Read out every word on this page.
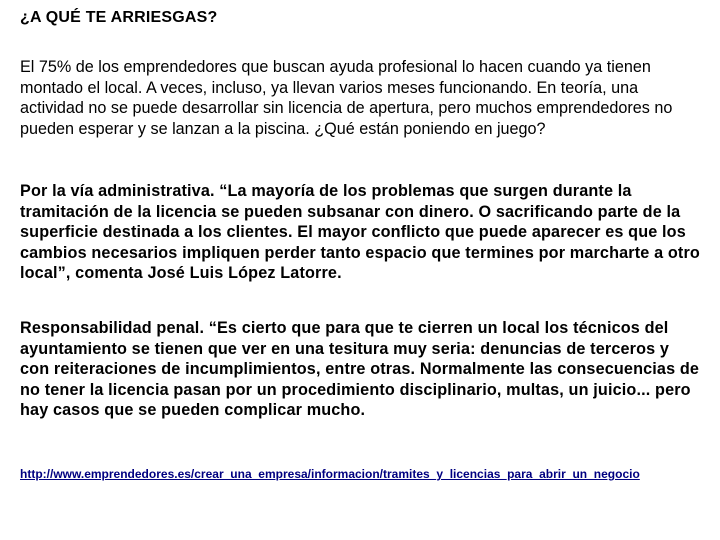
¿A QUÉ TE ARRIESGAS?

El 75% de los emprendedores que buscan ayuda profesional lo hacen cuando ya tienen montado el local. A veces, incluso, ya llevan varios meses funcionando. En teoría, una actividad no se puede desarrollar sin licencia de apertura, pero muchos emprendedores no pueden esperar y se lanzan a la piscina. ¿Qué están poniendo en juego?

Por la vía administrativa. “La mayoría de los problemas que surgen durante la tramitación de la licencia se pueden subsanar con dinero. O sacrificando parte de la superficie destinada a los clientes. El mayor conflicto que puede aparecer es que los cambios necesarios impliquen perder tanto espacio que termines por marcharte a otro local”, comenta José Luis López Latorre.

Responsabilidad penal. “Es cierto que para que te cierren un local los técnicos del ayuntamiento se tienen que ver en una tesitura muy seria: denuncias de terceros y con reiteraciones de incumplimientos, entre otras. Normalmente las consecuencias de no tener la licencia pasan por un procedimiento disciplinario, multas, un juicio... pero hay casos que se pueden complicar mucho.

http://www.emprendedores.es/crear_una_empresa/informacion/tramites_y_licencias_para_abrir_un_negocio
